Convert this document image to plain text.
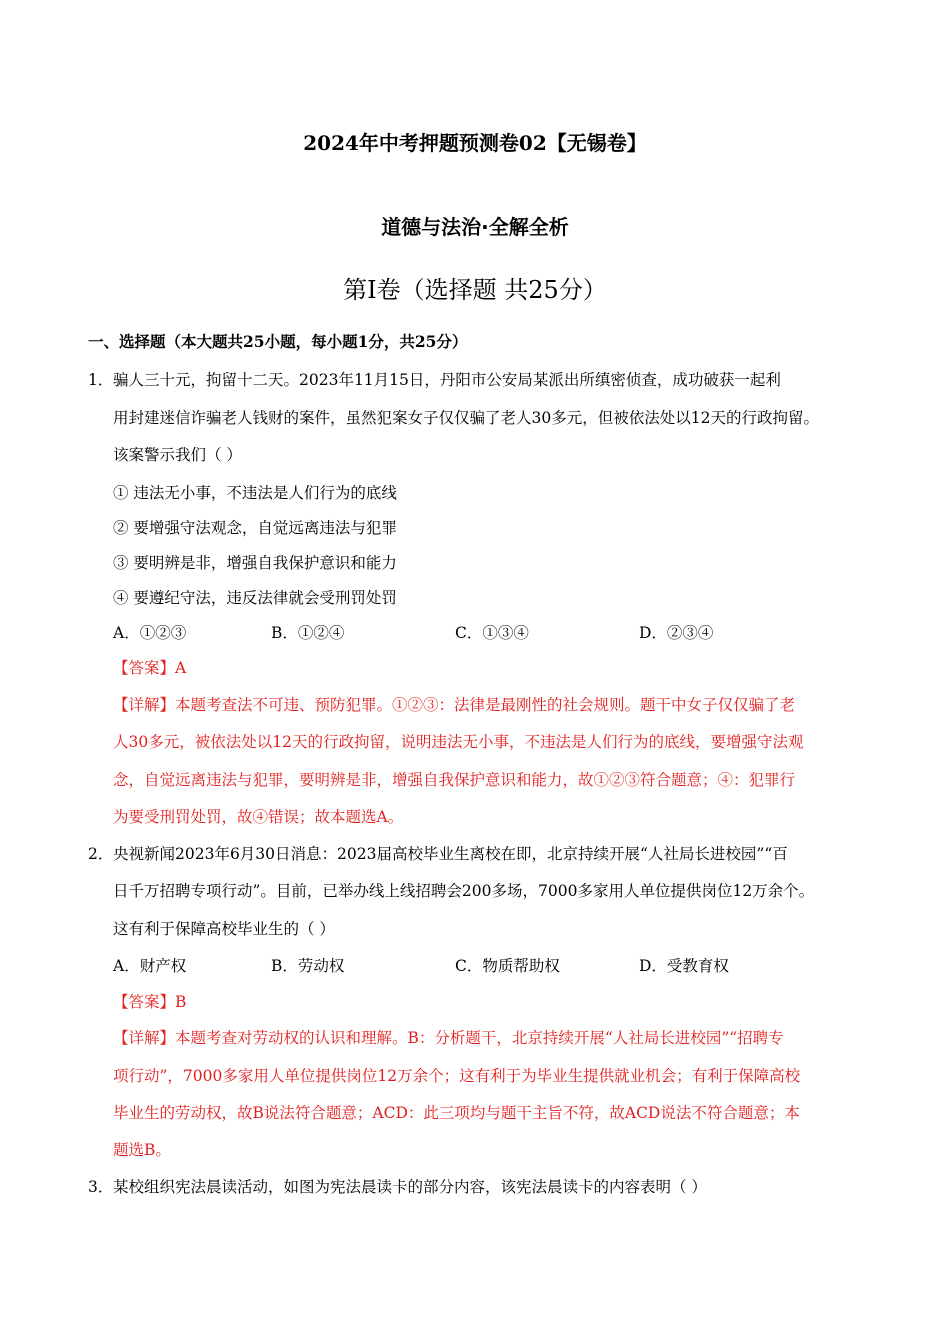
2024年中考押题预测卷02【无锡卷】
道德与法治·全解全析
第Ⅰ卷（选择题 共25分）
一、选择题（本大题共25小题，每小题1分，共25分）
1． 骗人三十元，拘留十二天。2023年11月15日，丹阳市公安局某派出所缜密侦查，成功破获一起利
用封建迷信诈骗老人钱财的案件，虽然犯案女子仅仅骗了老人30多元，但被依法处以12天的行政拘留。
该案警示我们（ ）
① 违法无小事，不违法是人们行为的底线
② 要增强守法观念，自觉远离违法与犯罪
③ 要明辨是非，增强自我保护意识和能力
④ 要遵纪守法，违反法律就会受刑罚处罚
A．①②③	B．①②④	C．①③④	D．②③④
【答案】A
【详解】本题考查法不可违、预防犯罪。①②③：法律是最刚性的社会规则。题干中女子仅仅骗了老
人30多元，被依法处以12天的行政拘留，说明违法无小事，不违法是人们行为的底线，要增强守法观
念，自觉远离违法与犯罪，要明辨是非，增强自我保护意识和能力，故①②③符合题意；④：犯罪行
为要受刑罚处罚，故④错误；故本题选A。
2． 央视新闻2023年6月30日消息：2023届高校毕业生离校在即，北京持续开展“人社局长进校园”“百
日千万招聘专项行动”。目前，已举办线上线招聘会200多场，7000多家用人单位提供岗位12万余个。
这有利于保障高校毕业生的（ ）
A．财产权	B．劳动权	C．物质帮助权	D．受教育权
【答案】B
【详解】本题考查对劳动权的认识和理解。B：分析题干，北京持续开展“人社局长进校园”“招聘专
项行动”，7000多家用人单位提供岗位12万余个；这有利于为毕业生提供就业机会；有利于保障高校
毕业生的劳动权，故B说法符合题意；ACD：此三项均与题干主旨不符，故ACD说法不符合题意；本
题选B。
3． 某校组织宪法晨读活动，如图为宪法晨读卡的部分内容，该宪法晨读卡的内容表明（ ）
